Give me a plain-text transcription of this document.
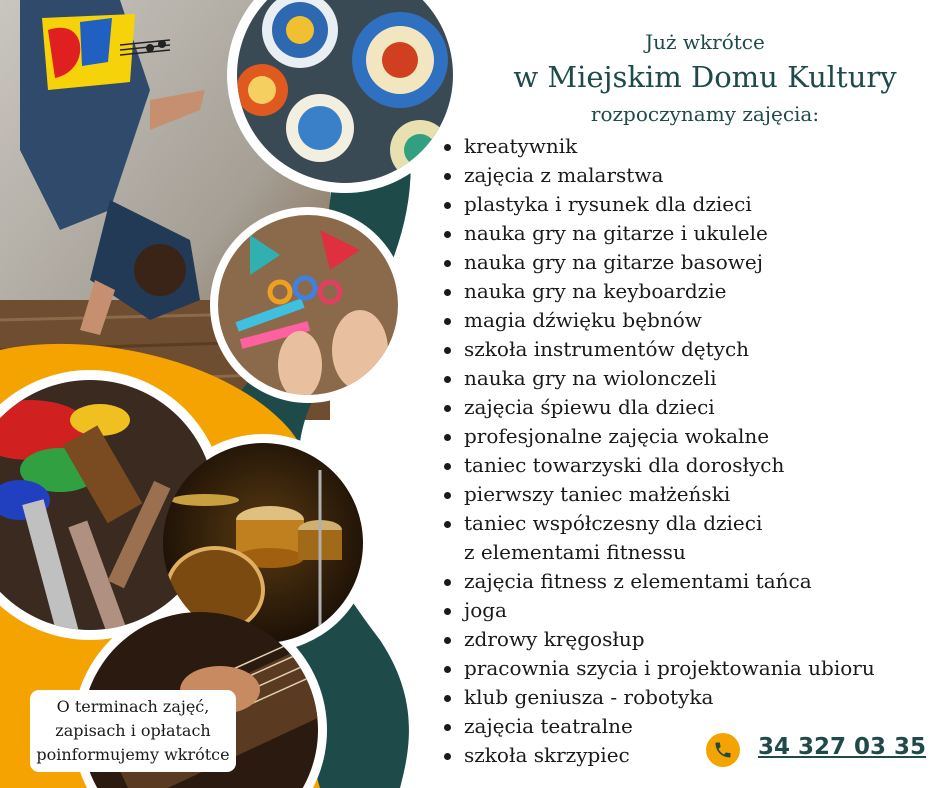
Już wkrótce
w Miejskim Domu Kultury
rozpoczynamy zajęcia:
kreatywnik
zajęcia z malarstwa
plastyka i rysunek dla dzieci
nauka gry na gitarze i ukulele
nauka gry na gitarze basowej
nauka gry na keyboardzie
magia dźwięku bębnów
szkoła instrumentów dętych
nauka gry na wiolonczeli
zajęcia śpiewu dla dzieci
profesjonalne zajęcia wokalne
taniec towarzyski dla dorosłych
pierwszy taniec małżeński
taniec współczesny dla dzieci
z elementami fitnessu
zajęcia fitness z elementami tańca
joga
zdrowy kręgosłup
pracownia szycia i projektowania ubioru
klub geniusza - robotyka
zajęcia teatralne
szkoła skrzypiec
O terminach zajęć,
zapisach i opłatach
poinformujemy wkrótce	34 327 03 35
